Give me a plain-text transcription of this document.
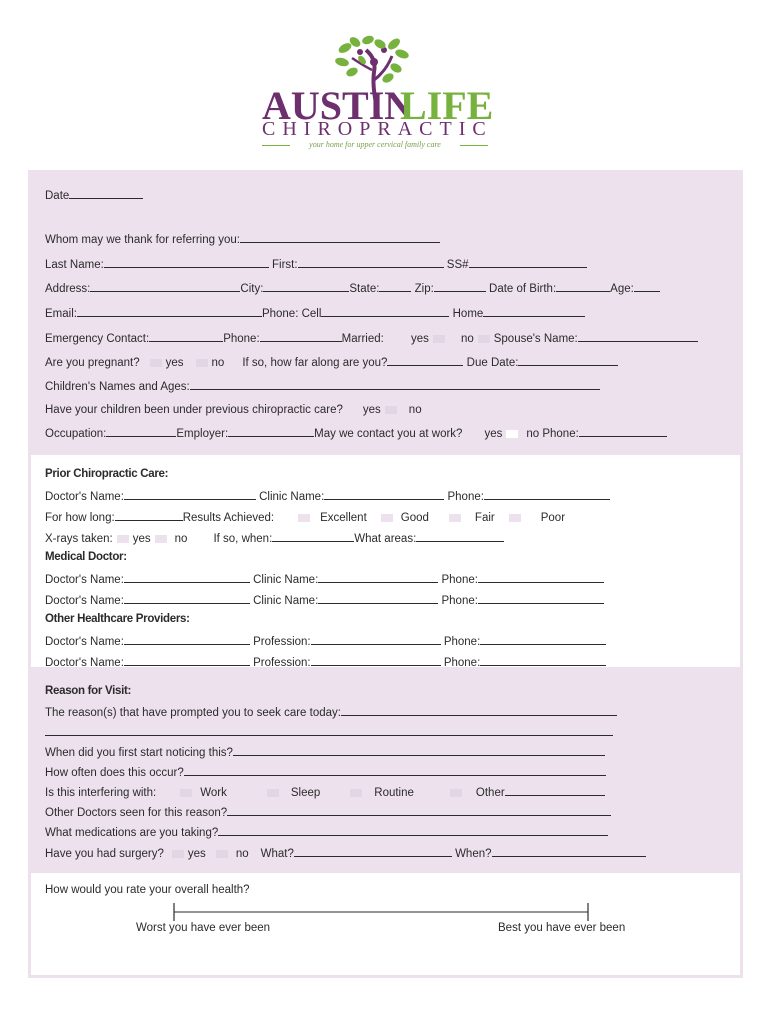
AUSTIN
LIFE
CHIROPRACTIC
your home for upper cervical family care
Date
Whom may we thank for referring you:
Last Name:	First:	SS#
Address:	City:	State:	Zip:	Date of Birth:	Age:
Email:	Phone: Cell	Home
Emergency Contact:	Phone:	Married: yes	no Spouse's Name:
Are you pregnant? yes no If so, how far along are you?	Due Date:
Children's Names and Ages:
Have your children been under previous chiropractic care? yes no
Occupation:	Employer:	May we contact you at work? yes no Phone:
Prior Chiropractic Care:
Doctor's Name:	Clinic Name:	Phone:
For how long:	Results Achieved:	Excellent	Good	Fair	Poor
X-rays taken: yes no If so, when:	What areas:
Medical Doctor:
Doctor's Name:	Clinic Name:	Phone:
Doctor's Name:	Clinic Name:	Phone:
Other Healthcare Providers:
Doctor's Name:	Profession:	Phone:
Doctor's Name:	Profession:	Phone:
Reason for Visit:
The reason(s) that have prompted you to seek care today:
When did you first start noticing this?
How often does this occur?
Is this interfering with:	Work	Sleep	Routine	Other
Other Doctors seen for this reason?
What medications are you taking?
Have you had surgery? yes	no What?	When?
How would you rate your overall health?
Worst you have ever been	Best you have ever been
